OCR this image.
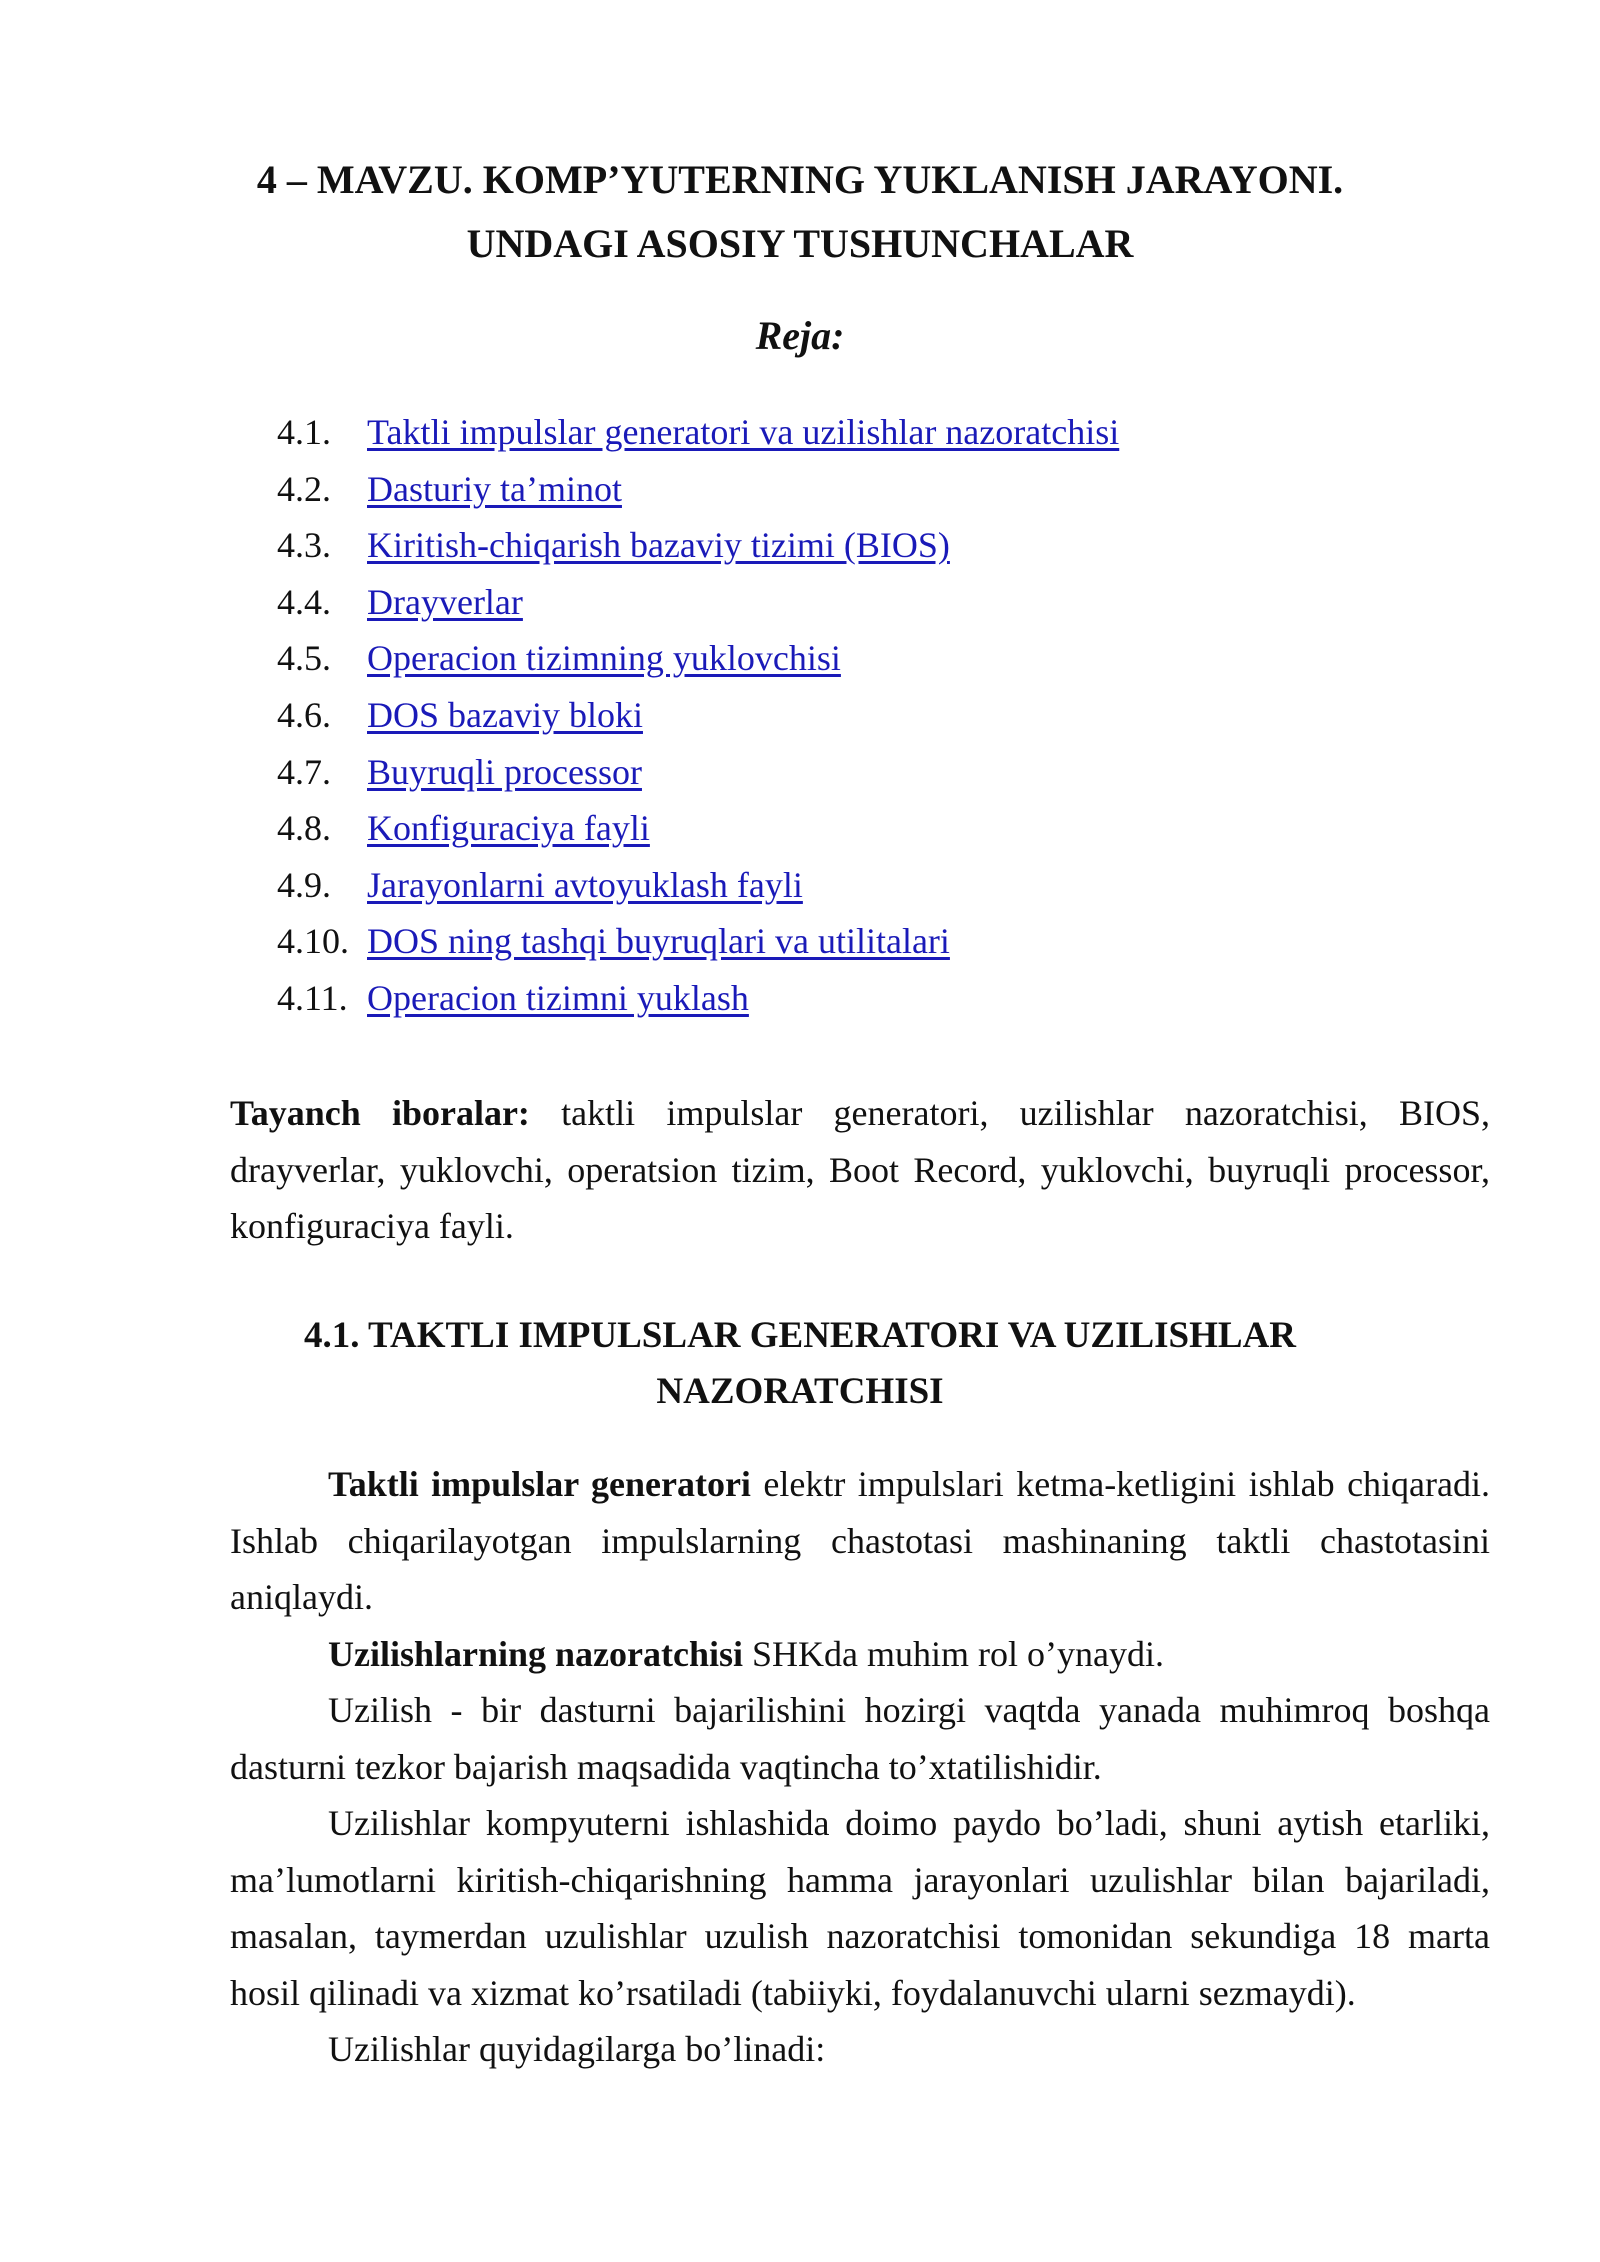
4 – MAVZU. KOMP’YUTERNING YUKLANISH JARAYONI.
UNDAGI ASOSIY TUSHUNCHALAR

Reja:

4.1. Taktli impulslar generatori va uzilishlar nazoratchisi
4.2. Dasturiy ta’minot
4.3. Kiritish-chiqarish bazaviy tizimi (BIOS)
4.4. Drayverlar
4.5. Operacion tizimning yuklovchisi
4.6. DOS bazaviy bloki
4.7. Buyruqli processor
4.8. Konfiguraciya fayli
4.9. Jarayonlarni avtoyuklash fayli
4.10. DOS ning tashqi buyruqlari va utilitalari
4.11. Operacion tizimni yuklash

Tayanch iboralar: taktli impulslar generatori, uzilishlar nazoratchisi, BIOS, drayverlar, yuklovchi, operatsion tizim, Boot Record, yuklovchi, buyruqli processor, konfiguraciya fayli.

4.1. TAKTLI IMPULSLAR GENERATORI VA UZILISHLAR
NAZORATCHISI

Taktli impulslar generatori elektr impulslari ketma-ketligini ishlab chiqaradi. Ishlab chiqarilayotgan impulslarning chastotasi mashinaning taktli chastotasini aniqlaydi.

Uzilishlarning nazoratchisi SHKda muhim rol o’ynaydi.

Uzilish - bir dasturni bajarilishini hozirgi vaqtda yanada muhimroq boshqa dasturni tezkor bajarish maqsadida vaqtincha to’xtatilishidir.

Uzilishlar kompyuterni ishlashida doimo paydo bo’ladi, shuni aytish etarliki, ma’lumotlarni kiritish-chiqarishning hamma jarayonlari uzulishlar bilan bajariladi, masalan, taymerdan uzulishlar uzulish nazoratchisi tomonidan sekundiga 18 marta hosil qilinadi va xizmat ko’rsatiladi (tabiiyki, foydalanuvchi ularni sezmaydi).

Uzilishlar quyidagilarga bo’linadi:
